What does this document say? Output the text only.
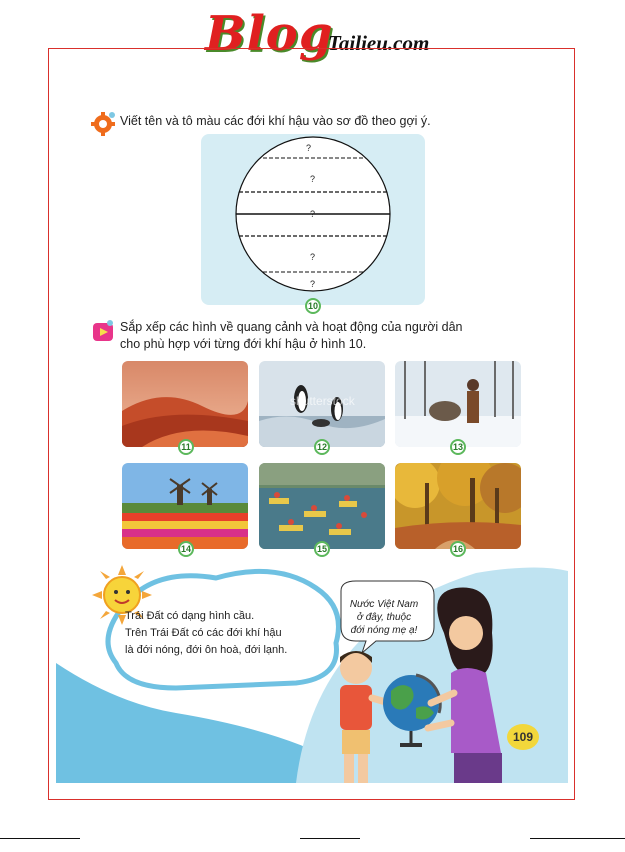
Blog
Tailieu.com
Viết tên và tô màu các đới khí hậu vào sơ đồ theo gợi ý.
?
?
?
?
?
10
Sắp xếp các hình về quang cảnh và hoạt động của người dân
cho phù hợp với từng đới khí hậu ở hình 10.
11	12	13
14	15	16
shutterstock
Trái Đất có dạng hình cầu.
Trên Trái Đất có các đới khí hậu
là đới nóng, đới ôn hoà, đới lạnh.
Nước Việt Nam
ở đây, thuộc
đới nóng mẹ ạ!
109
